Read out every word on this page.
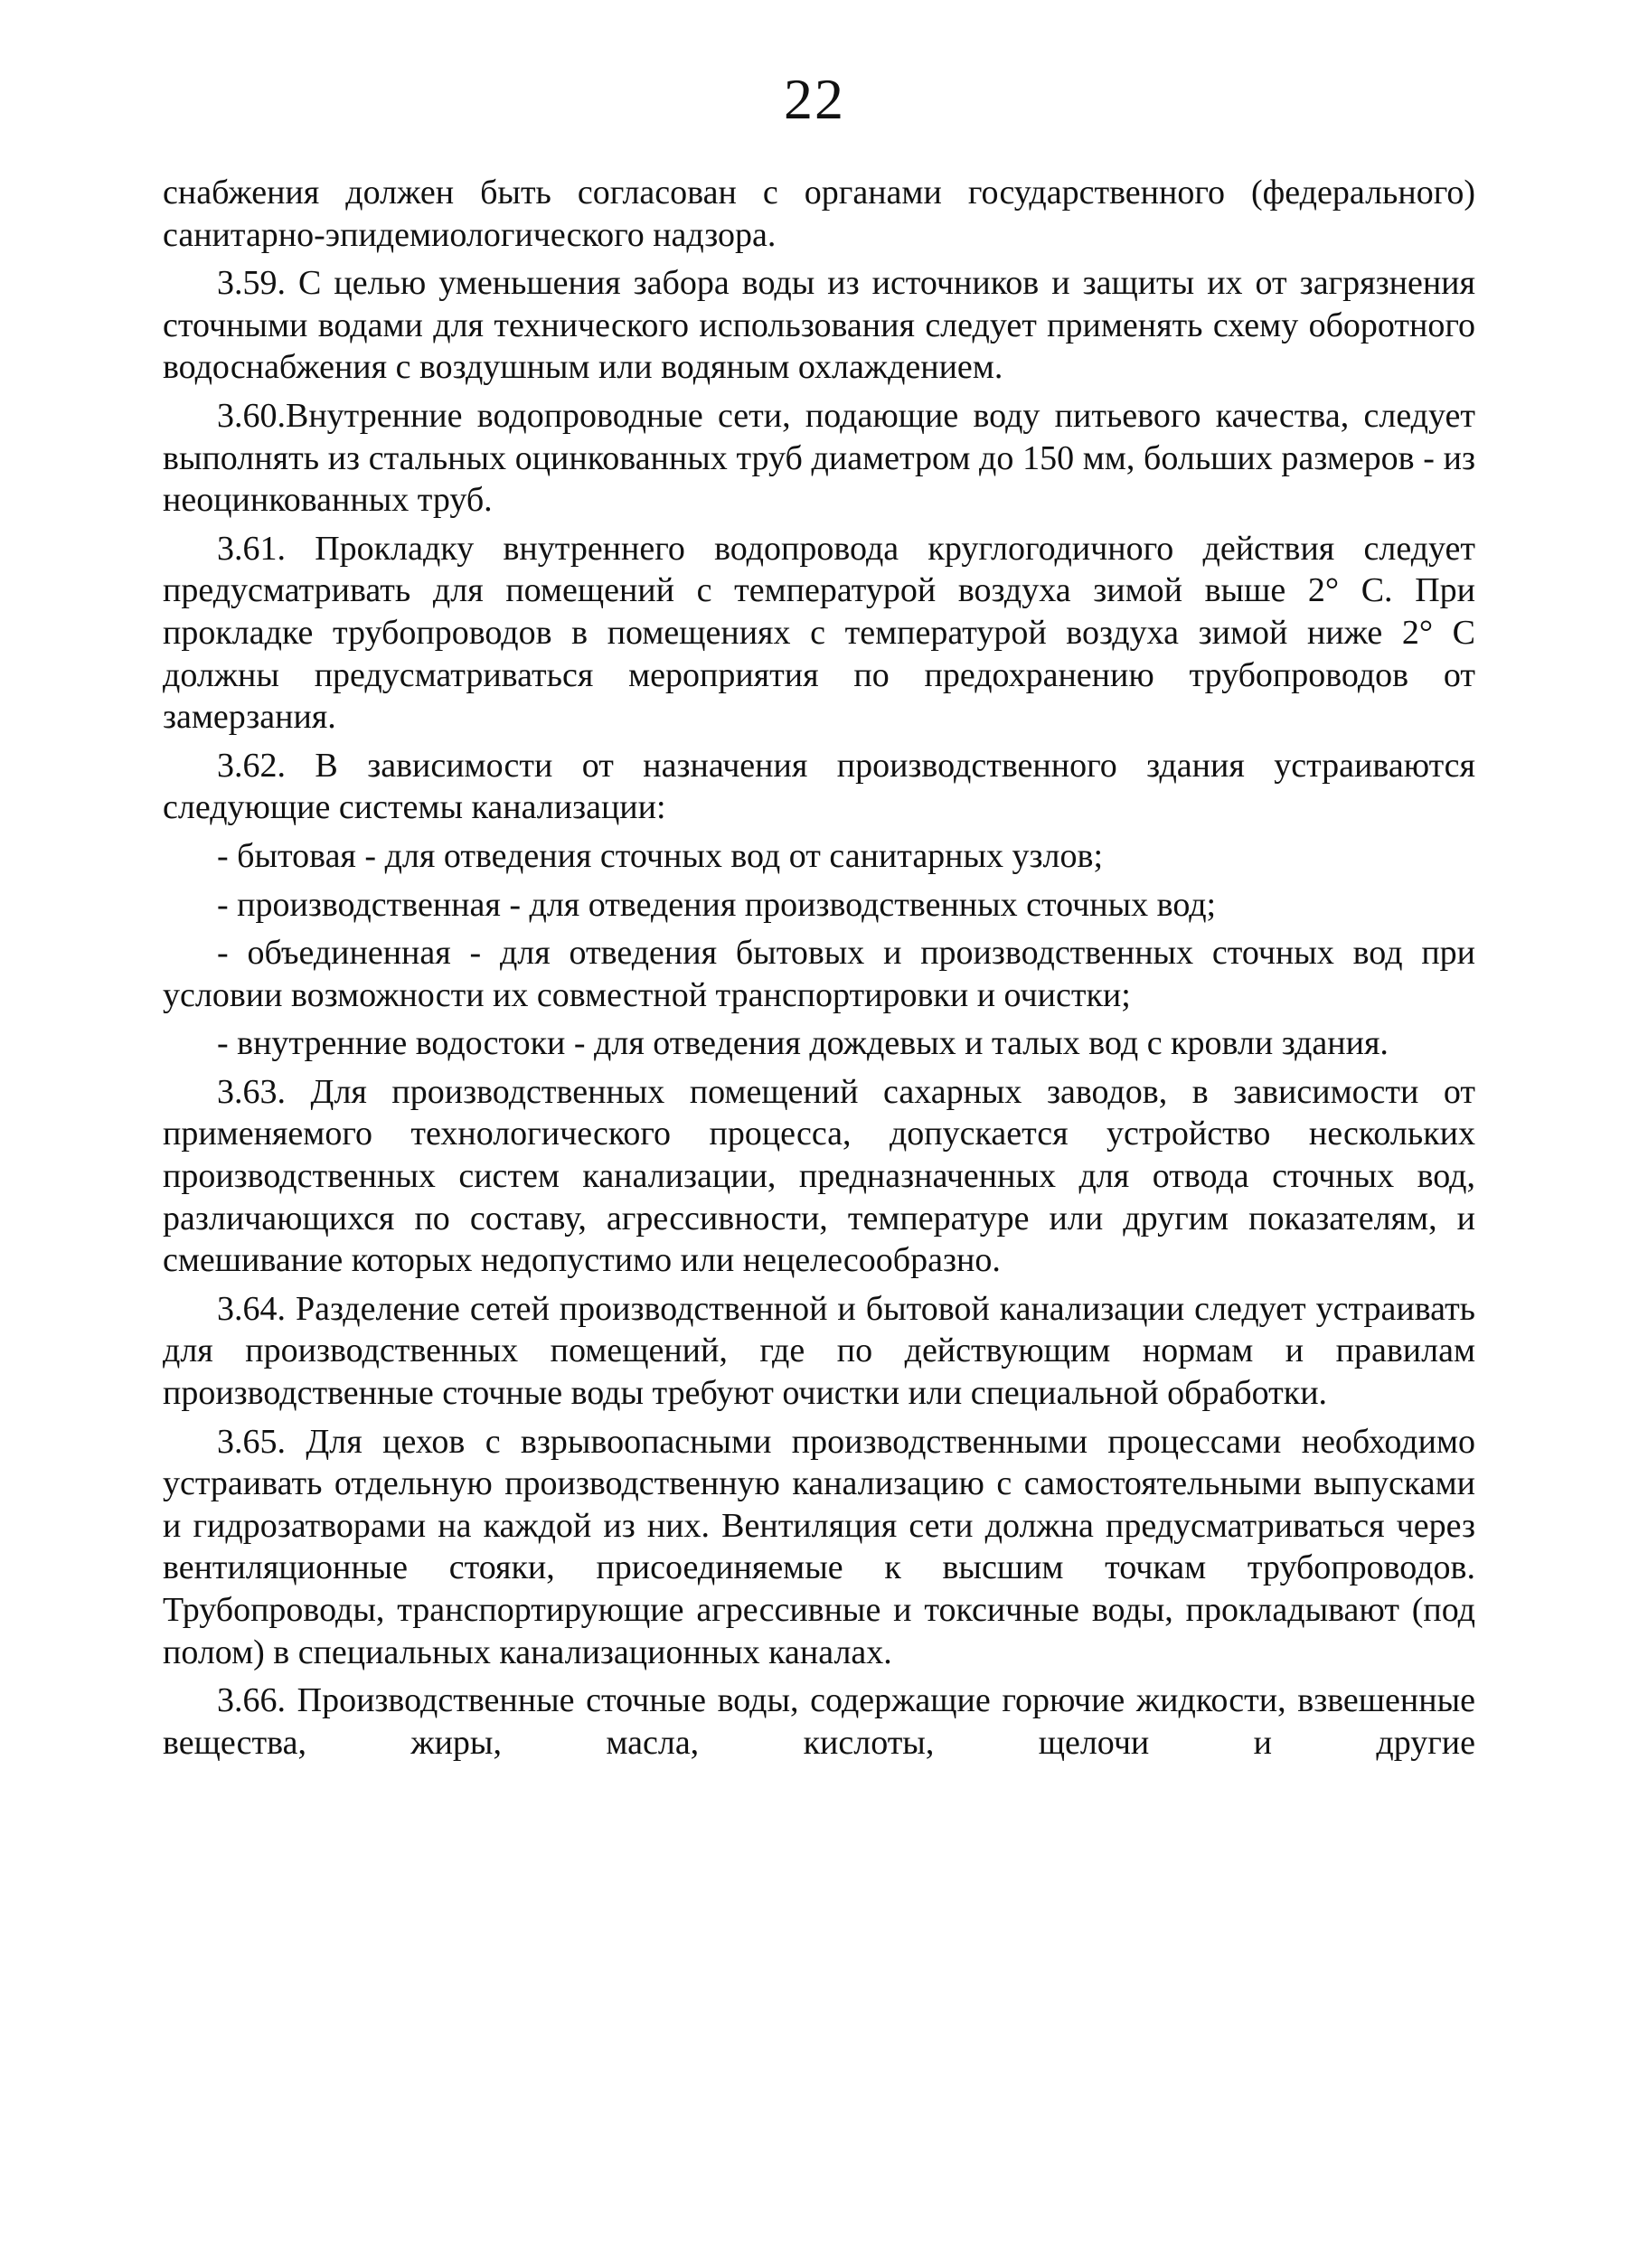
22

снабжения должен быть согласован с органами государственного (федерального) санитарно-эпидемиологического надзора.

3.59. С целью уменьшения забора воды из источников и защиты их от загрязнения сточными водами для технического использования следует применять схему оборотного водоснабжения с воздушным или водяным охлаждением.

3.60.Внутренние водопроводные сети, подающие воду питьевого качества, следует выполнять из стальных оцинкованных труб диаметром до 150 мм, больших размеров - из неоцинкованных труб.

3.61. Прокладку внутреннего водопровода круглогодичного действия следует предусматривать для помещений с температурой воздуха зимой выше 2° С. При прокладке трубопроводов в помещениях с температурой воздуха зимой ниже 2° С должны предусматриваться мероприятия по предохранению трубопроводов от замерзания.

3.62. В зависимости от назначения производственного здания устраиваются следующие системы канализации:

- бытовая - для отведения сточных вод от санитарных узлов;

- производственная - для отведения производственных сточных вод;

- объединенная - для отведения бытовых и производственных сточных вод при условии возможности их совместной транспортировки и очистки;

- внутренние водостоки - для отведения дождевых и талых вод с кровли здания.

3.63. Для производственных помещений сахарных заводов, в зависимости от применяемого технологического процесса, допускается устройство нескольких производственных систем канализации, предназначенных для отвода сточных вод, различающихся по составу, агрессивности, температуре или другим показателям, и смешивание которых недопустимо или нецелесообразно.

3.64. Разделение сетей производственной и бытовой канализации следует устраивать для производственных помещений, где по действующим нормам и правилам производственные сточные воды требуют очистки или специальной обработки.

3.65. Для цехов с взрывоопасными производственными процессами необходимо устраивать отдельную производственную канализацию с самостоятельными выпусками и гидрозатворами на каждой из них. Вентиляция сети должна предусматриваться через вентиляционные стояки, присоединяемые к высшим точкам трубопроводов. Трубопроводы, транспортирующие агрессивные и токсичные воды, прокладывают (под полом) в специальных канализационных каналах.

3.66. Производственные сточные воды, содержащие горючие жидкости, взвешенные вещества, жиры, масла, кислоты, щелочи и другие
